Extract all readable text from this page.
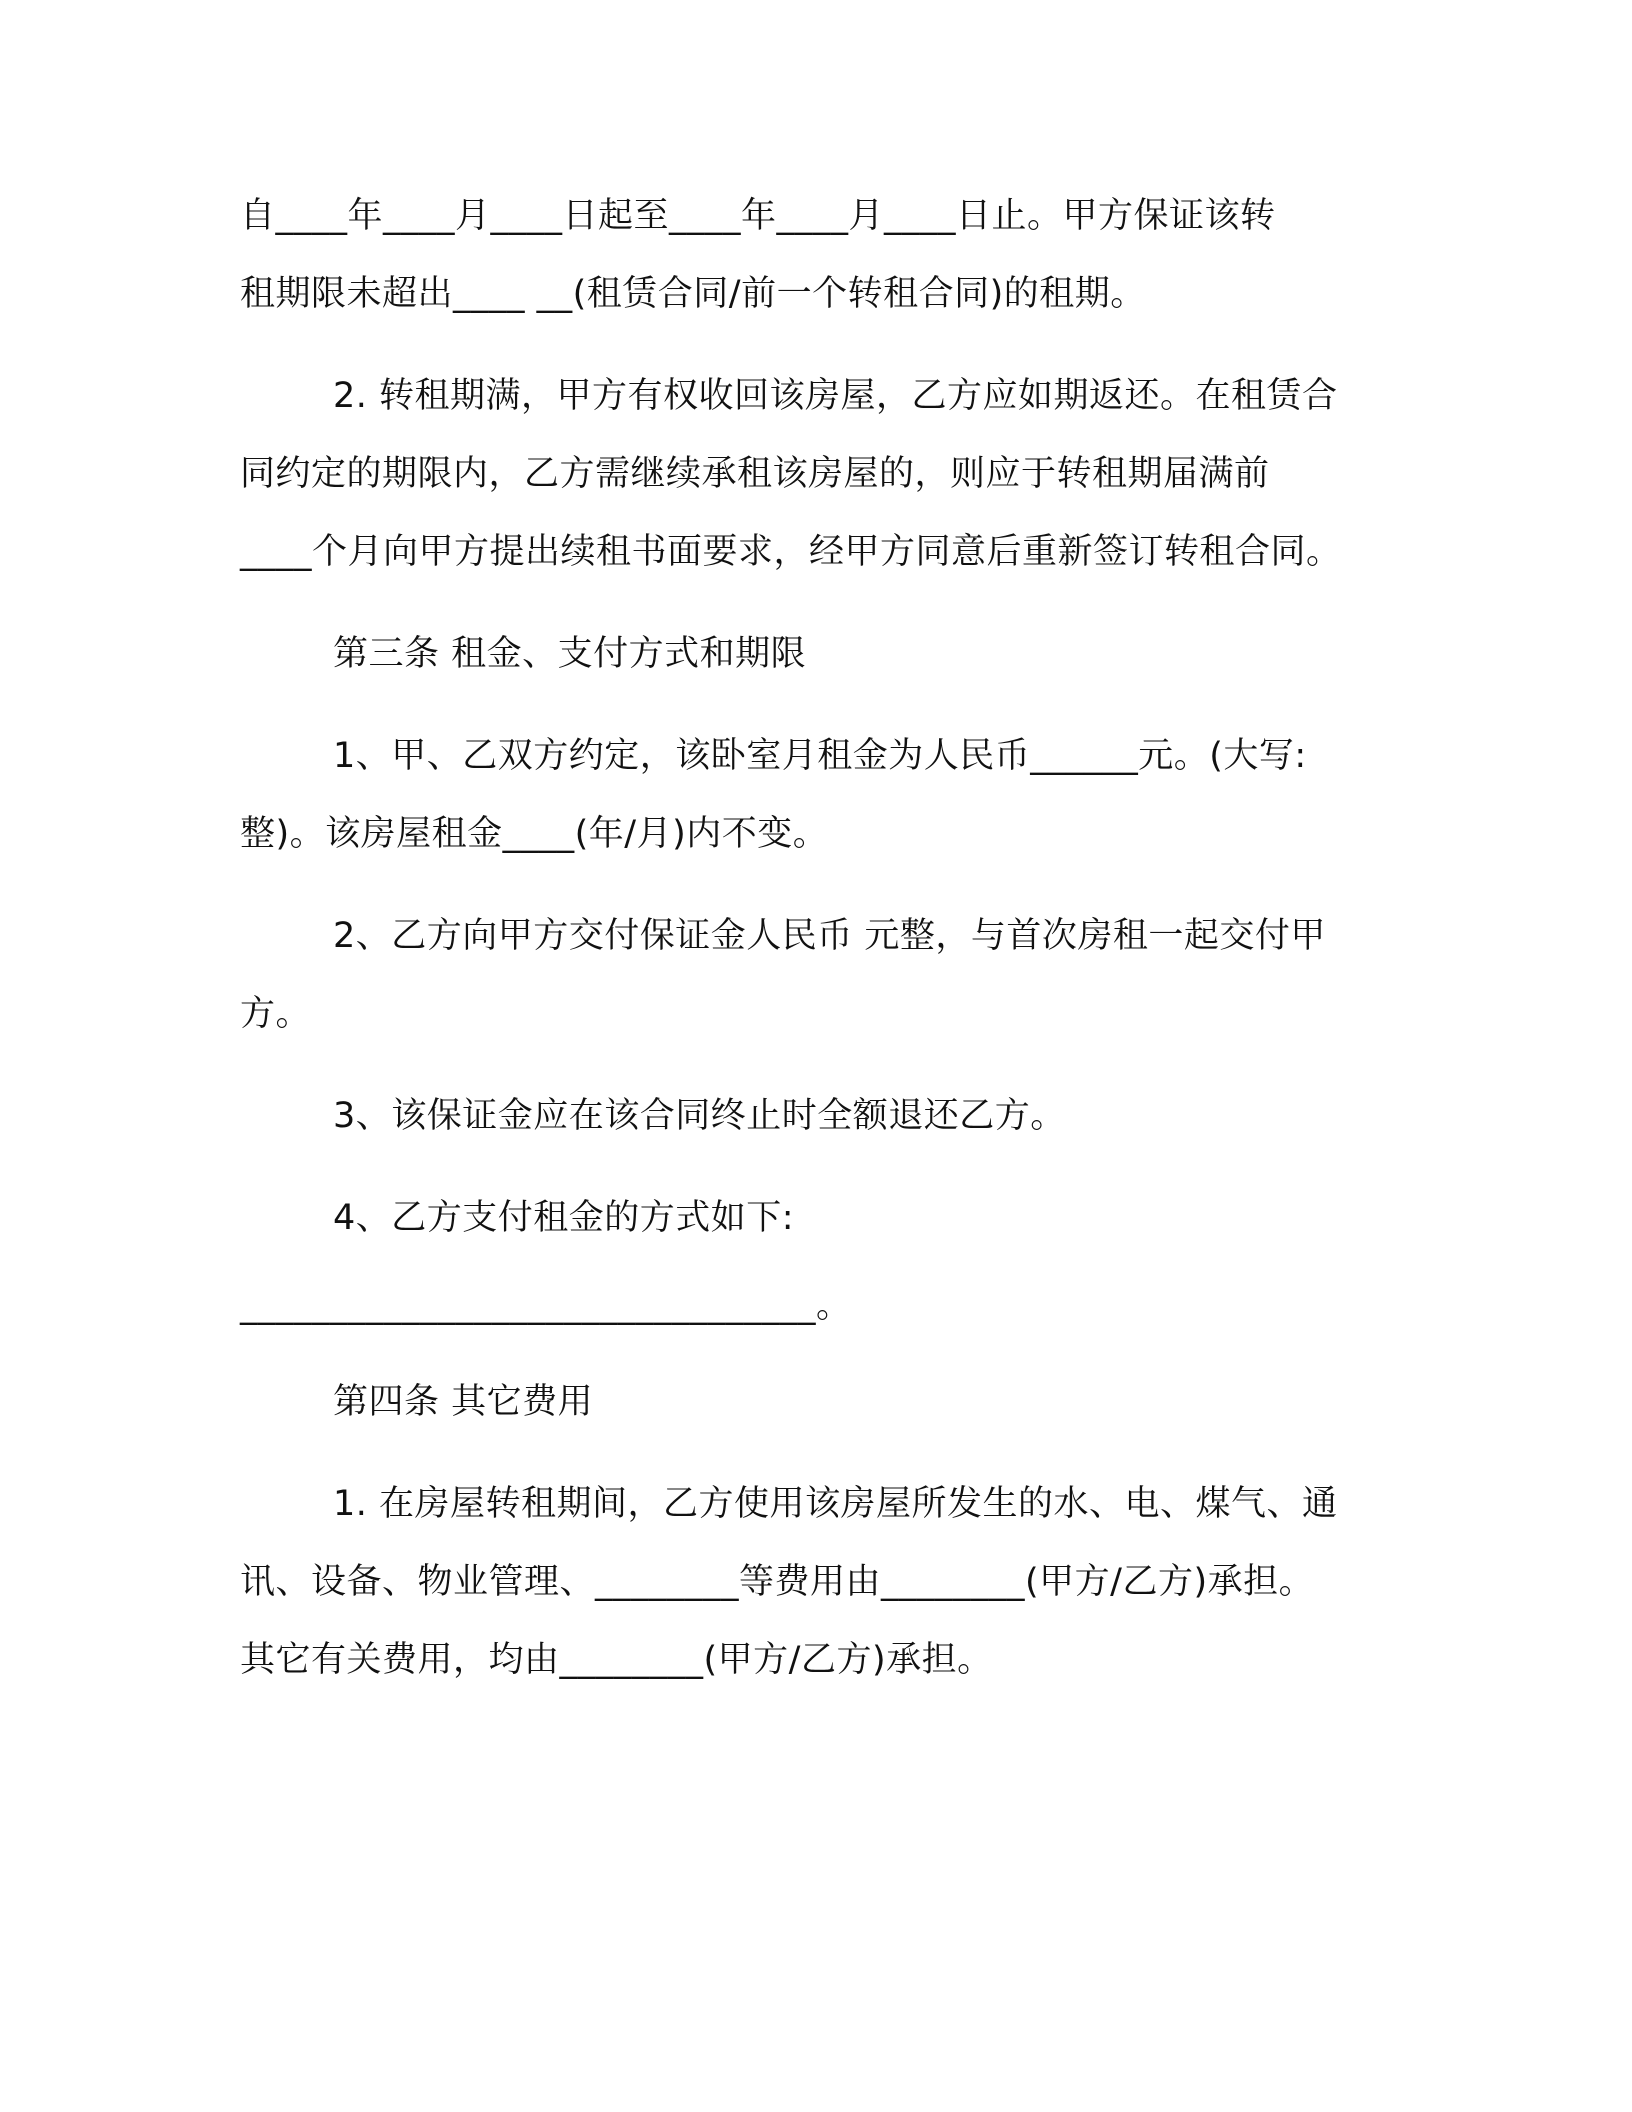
自____年____月____日起至____年____月____日止。甲方保证该转
租期限未超出____ __(租赁合同/前一个转租合同)的租期。
2. 转租期满，甲方有权收回该房屋，乙方应如期返还。在租赁合
同约定的期限内，乙方需继续承租该房屋的，则应于转租期届满前
____个月向甲方提出续租书面要求，经甲方同意后重新签订转租合同。
第三条 租金、支付方式和期限
1、甲、乙双方约定，该卧室月租金为人民币______元。(大写:
整)。该房屋租金____(年/月)内不变。
2、乙方向甲方交付保证金人民币 元整，与首次房租一起交付甲
方。
3、该保证金应在该合同终止时全额退还乙方。
4、乙方支付租金的方式如下:
________________________________。
第四条 其它费用
1. 在房屋转租期间，乙方使用该房屋所发生的水、电、煤气、通
讯、设备、物业管理、________等费用由________(甲方/乙方)承担。
其它有关费用，均由________(甲方/乙方)承担。
